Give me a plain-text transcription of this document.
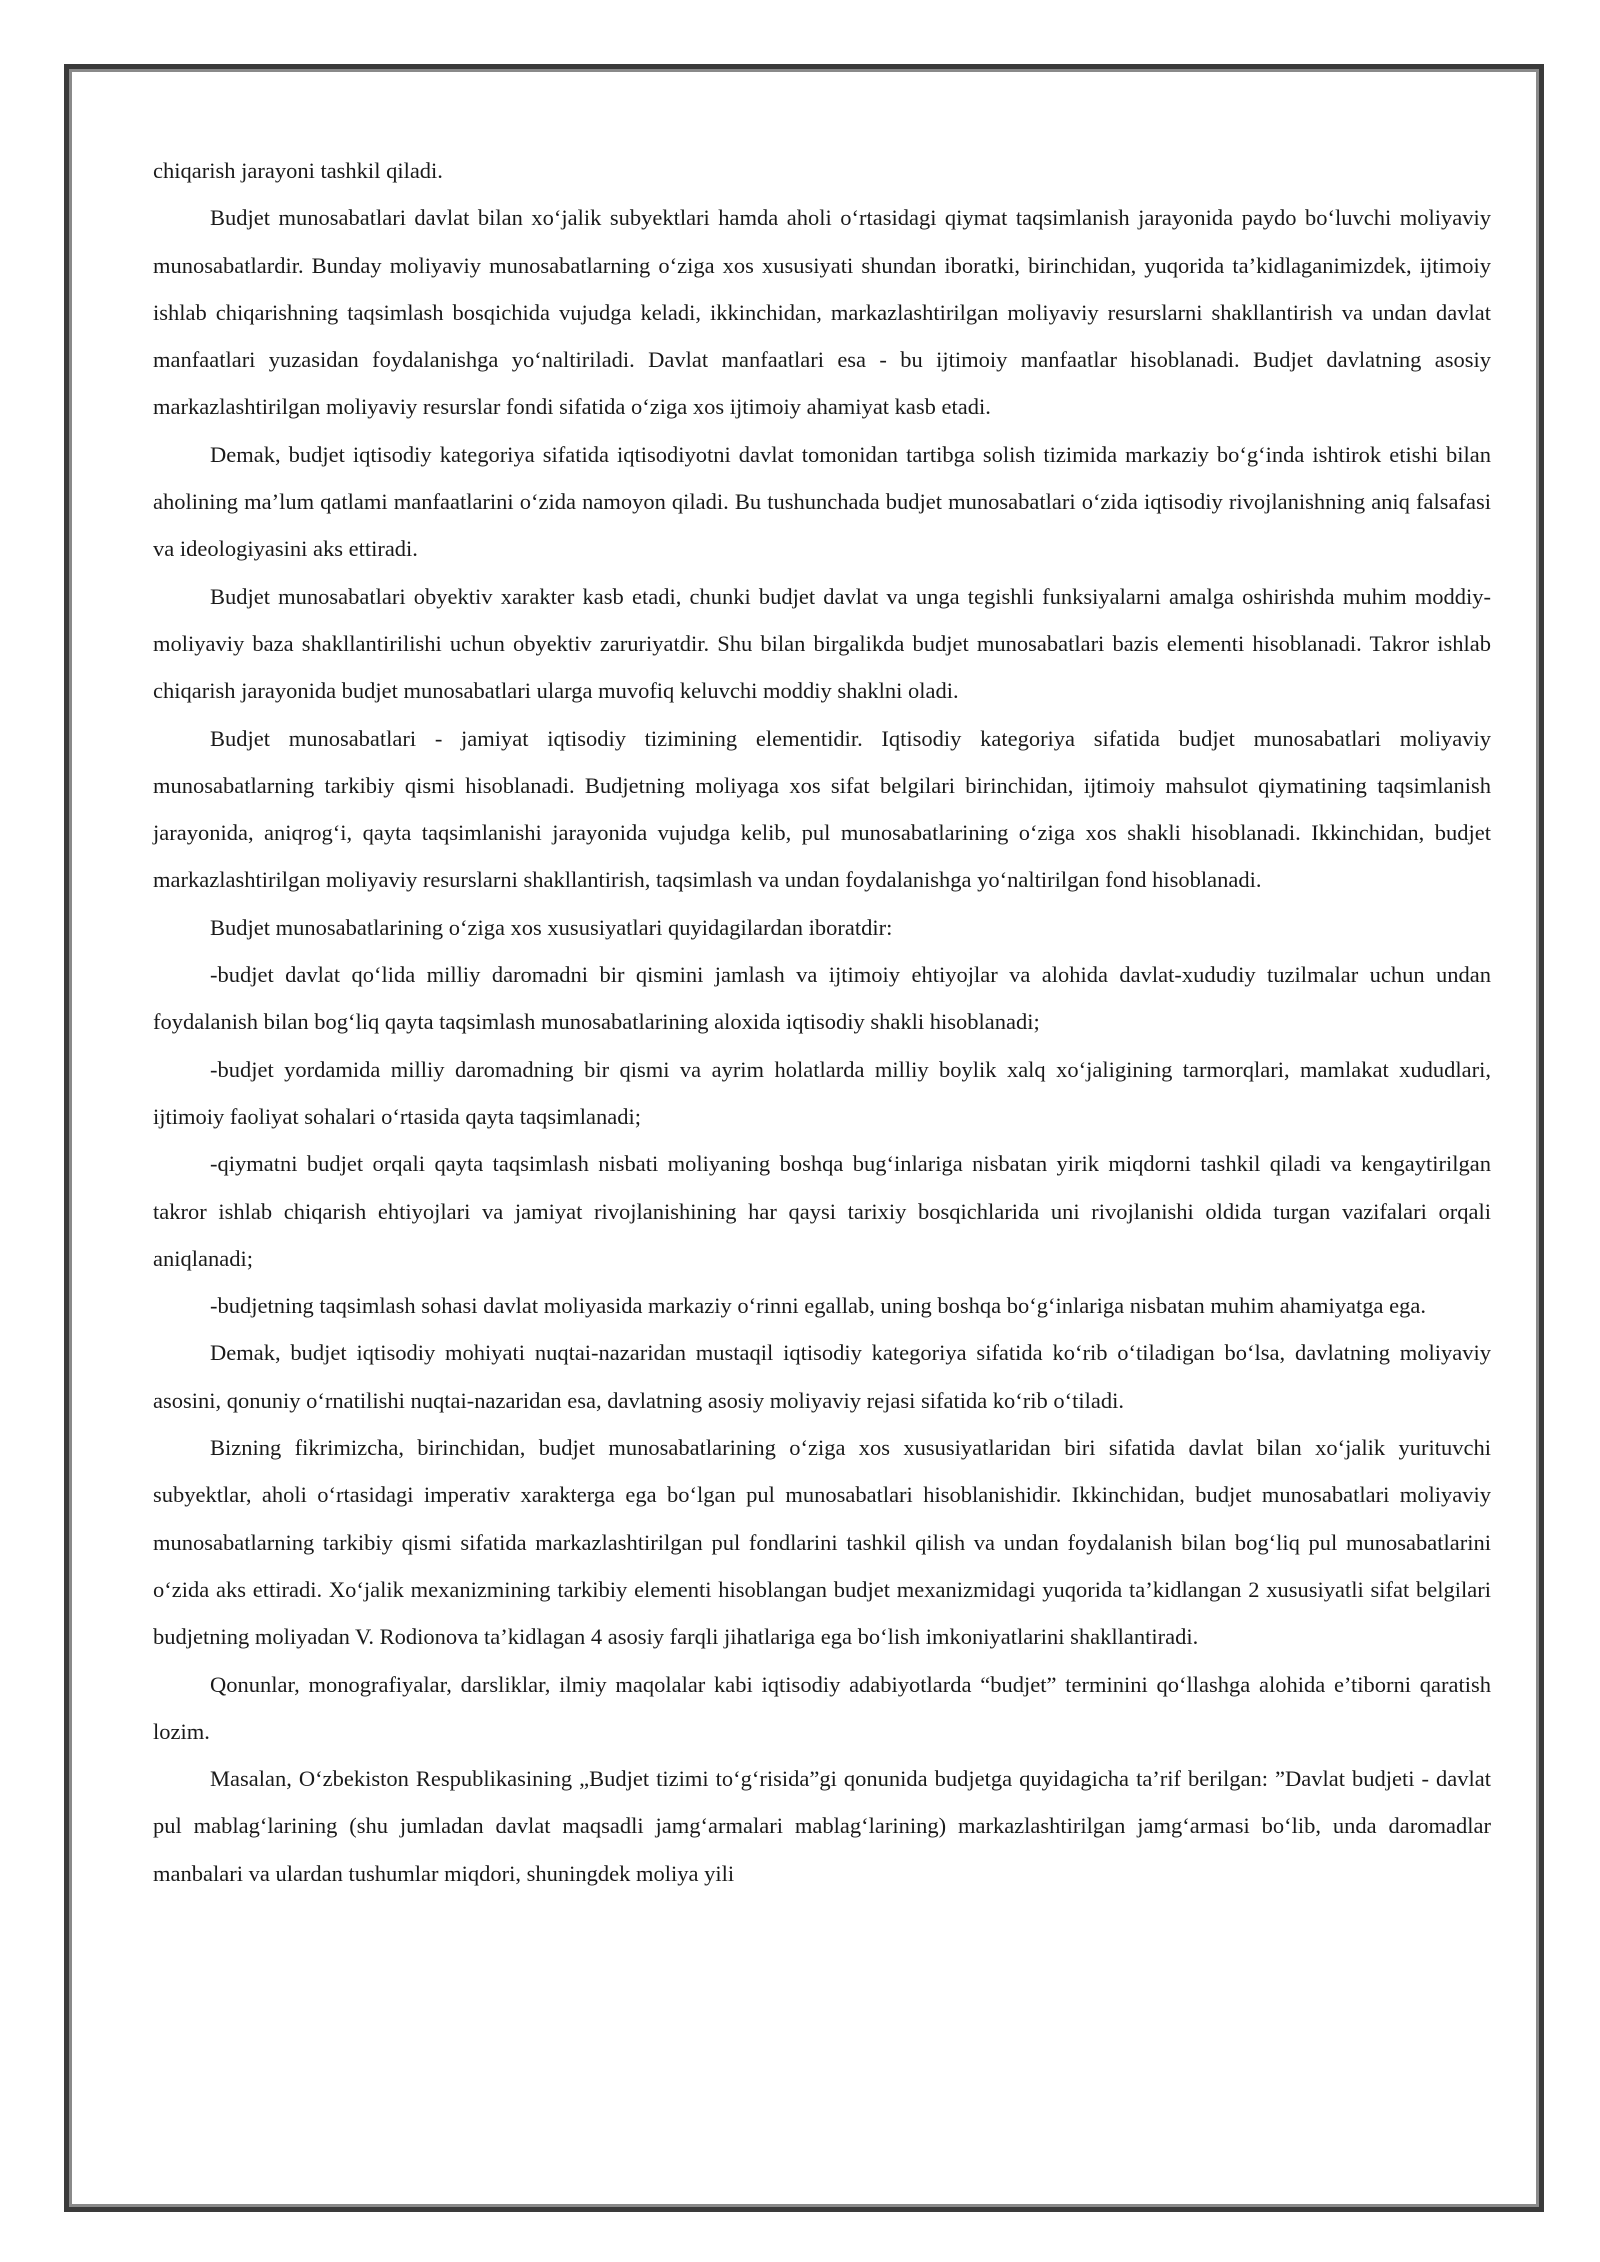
chiqarish jarayoni tashkil qiladi.

Budjet munosabatlari davlat bilan xo‘jalik subyektlari hamda aholi o‘rtasidagi qiymat taqsimlanish jarayonida paydo bo‘luvchi moliyaviy munosabatlardir. Bunday moliyaviy munosabatlarning o‘ziga xos xususiyati shundan iboratki, birinchidan, yuqorida ta’kidlaganimizdek, ijtimoiy ishlab chiqarishning taqsimlash bosqichida vujudga keladi, ikkinchidan, markazlashtirilgan moliyaviy resurslarni shakllantirish va undan davlat manfaatlari yuzasidan foydalanishga yo‘naltiriladi. Davlat manfaatlari esa - bu ijtimoiy manfaatlar hisoblanadi. Budjet davlatning asosiy markazlashtirilgan moliyaviy resurslar fondi sifatida o‘ziga xos ijtimoiy ahamiyat kasb etadi.

Demak, budjet iqtisodiy kategoriya sifatida iqtisodiyotni davlat tomonidan tartibga solish tizimida markaziy bo‘g‘inda ishtirok etishi bilan aholining ma’lum qatlami manfaatlarini o‘zida namoyon qiladi. Bu tushunchada budjet munosabatlari o‘zida iqtisodiy rivojlanishning aniq falsafasi va ideologiyasini aks ettiradi.

Budjet munosabatlari obyektiv xarakter kasb etadi, chunki budjet davlat va unga tegishli funksiyalarni amalga oshirishda muhim moddiy-moliyaviy baza shakllantirilishi uchun obyektiv zaruriyatdir. Shu bilan birgalikda budjet munosabatlari bazis elementi hisoblanadi. Takror ishlab chiqarish jarayonida budjet munosabatlari ularga muvofiq keluvchi moddiy shaklni oladi.

Budjet munosabatlari - jamiyat iqtisodiy tizimining elementidir. Iqtisodiy kategoriya sifatida budjet munosabatlari moliyaviy munosabatlarning tarkibiy qismi hisoblanadi. Budjetning moliyaga xos sifat belgilari birinchidan, ijtimoiy mahsulot qiymatining taqsimlanish jarayonida, aniqrog‘i, qayta taqsimlanishi jarayonida vujudga kelib, pul munosabatlarining o‘ziga xos shakli hisoblanadi. Ikkinchidan, budjet markazlashtirilgan moliyaviy resurslarni shakllantirish, taqsimlash va undan foydalanishga yo‘naltirilgan fond hisoblanadi.

Budjet munosabatlarining o‘ziga xos xususiyatlari quyidagilardan iboratdir:

-budjet davlat qo‘lida milliy daromadni bir qismini jamlash va ijtimoiy ehtiyojlar va alohida davlat-xududiy tuzilmalar uchun undan foydalanish bilan bog‘liq qayta taqsimlash munosabatlarining aloxida iqtisodiy shakli hisoblanadi;

-budjet yordamida milliy daromadning bir qismi va ayrim holatlarda milliy boylik xalq xo‘jaligining tarmorqlari, mamlakat xududlari, ijtimoiy faoliyat sohalari o‘rtasida qayta taqsimlanadi;

-qiymatni budjet orqali qayta taqsimlash nisbati moliyaning boshqa bug‘inlariga nisbatan yirik miqdorni tashkil qiladi va kengaytirilgan takror ishlab chiqarish ehtiyojlari va jamiyat rivojlanishining har qaysi tarixiy bosqichlarida uni rivojlanishi oldida turgan vazifalari orqali aniqlanadi;

-budjetning taqsimlash sohasi davlat moliyasida markaziy o‘rinni egallab, uning boshqa bo‘g‘inlariga nisbatan muhim ahamiyatga ega.

Demak, budjet iqtisodiy mohiyati nuqtai-nazaridan mustaqil iqtisodiy kategoriya sifatida ko‘rib o‘tiladigan bo‘lsa, davlatning moliyaviy asosini, qonuniy o‘rnatilishi nuqtai-nazaridan esa, davlatning asosiy moliyaviy rejasi sifatida ko‘rib o‘tiladi.

Bizning fikrimizcha, birinchidan, budjet munosabatlarining o‘ziga xos xususiyatlaridan biri sifatida davlat bilan xo‘jalik yurituvchi subyektlar, aholi o‘rtasidagi imperativ xarakterga ega bo‘lgan pul munosabatlari hisoblanishidir. Ikkinchidan, budjet munosabatlari moliyaviy munosabatlarning tarkibiy qismi sifatida markazlashtirilgan pul fondlarini tashkil qilish va undan foydalanish bilan bog‘liq pul munosabatlarini o‘zida aks ettiradi. Xo‘jalik mexanizmining tarkibiy elementi hisoblangan budjet mexanizmidagi yuqorida ta’kidlangan 2 xususiyatli sifat belgilari budjetning moliyadan V. Rodionova ta’kidlagan 4 asosiy farqli jihatlariga ega bo‘lish imkoniyatlarini shakllantiradi.

Qonunlar, monografiyalar, darsliklar, ilmiy maqolalar kabi iqtisodiy adabiyotlarda “budjet” terminini qo‘llashga alohida e’tiborni qaratish lozim.

Masalan, O‘zbekiston Respublikasining „Budjet tizimi to‘g‘risida”gi qonunida budjetga quyidagicha ta’rif berilgan: ”Davlat budjeti - davlat pul mablag‘larining (shu jumladan davlat maqsadli jamg‘armalari mablag‘larining) markazlashtirilgan jamg‘armasi bo‘lib, unda daromadlar manbalari va ulardan tushumlar miqdori, shuningdek moliya yili
